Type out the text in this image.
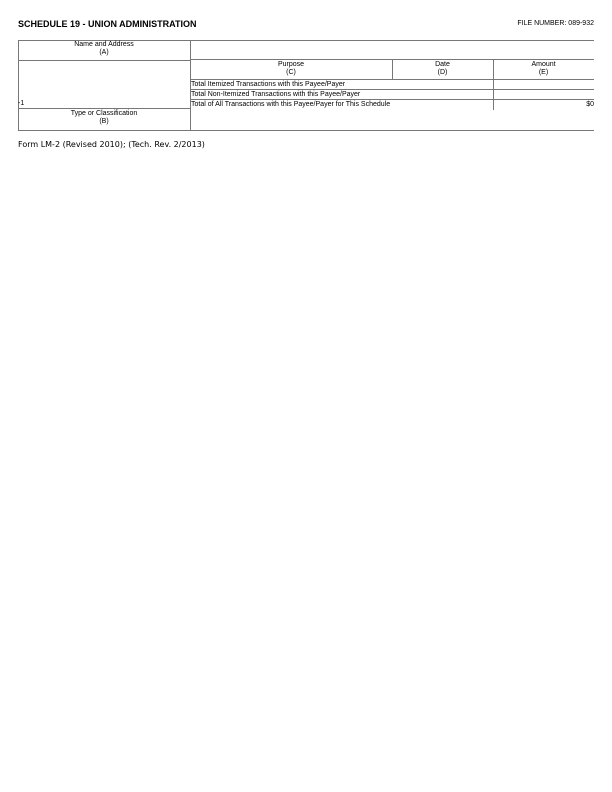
SCHEDULE 19 - UNION ADMINISTRATION	FILE NUMBER: 089-932
Name and Address
(A)
-1
Type or Classification
(B)
Purpose
(C)
Date
(D)
Amount
(E)
Total Itemized Transactions with this Payee/Payer
Total Non-Itemized Transactions with this Payee/Payer
Total of All Transactions with this Payee/Payer for This Schedule	$0
Form LM-2 (Revised 2010); (Tech. Rev. 2/2013)
